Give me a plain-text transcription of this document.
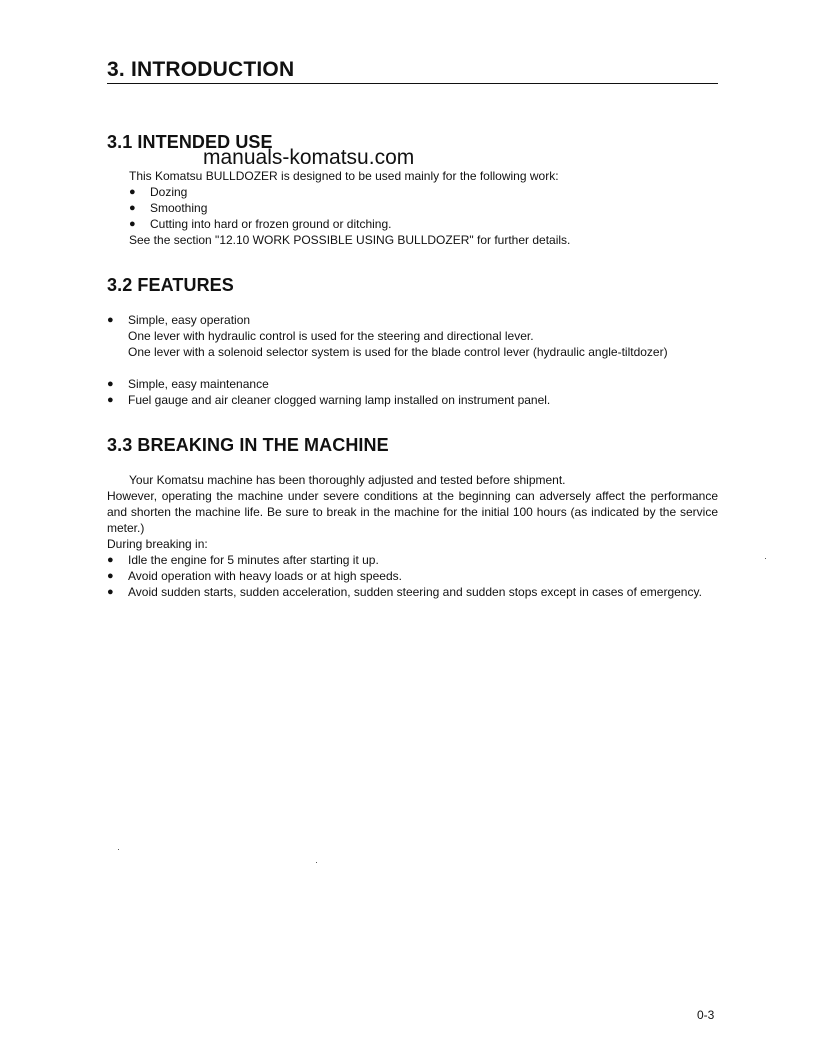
3. INTRODUCTION
3.1 INTENDED USE
manuals-komatsu.com

This Komatsu BULLDOZER is designed to be used mainly for the following work:

● Dozing

● Smoothing

● Cutting into hard or frozen ground or ditching.

See the section "12.10 WORK POSSIBLE USING BULLDOZER" for further details.

3.2 FEATURES
● Simple, easy operation

One lever with hydraulic control is used for the steering and directional lever.

One lever with a solenoid selector system is used for the blade control lever (hydraulic angle-tiltdozer)

● Simple, easy maintenance

● Fuel gauge and air cleaner clogged warning lamp installed on instrument panel.

3.3 BREAKING IN THE MACHINE

Your Komatsu machine has been thoroughly adjusted and tested before shipment.

However, operating the machine under severe conditions at the beginning can adversely affect the performance and shorten the machine life. Be sure to break in the machine for the initial 100 hours (as indicated by the service meter.)

During breaking in:

● Idle the engine for 5 minutes after starting it up.

● Avoid operation with heavy loads or at high speeds.

● Avoid sudden starts, sudden acceleration, sudden steering and sudden stops except in cases of emergency.

0-3
